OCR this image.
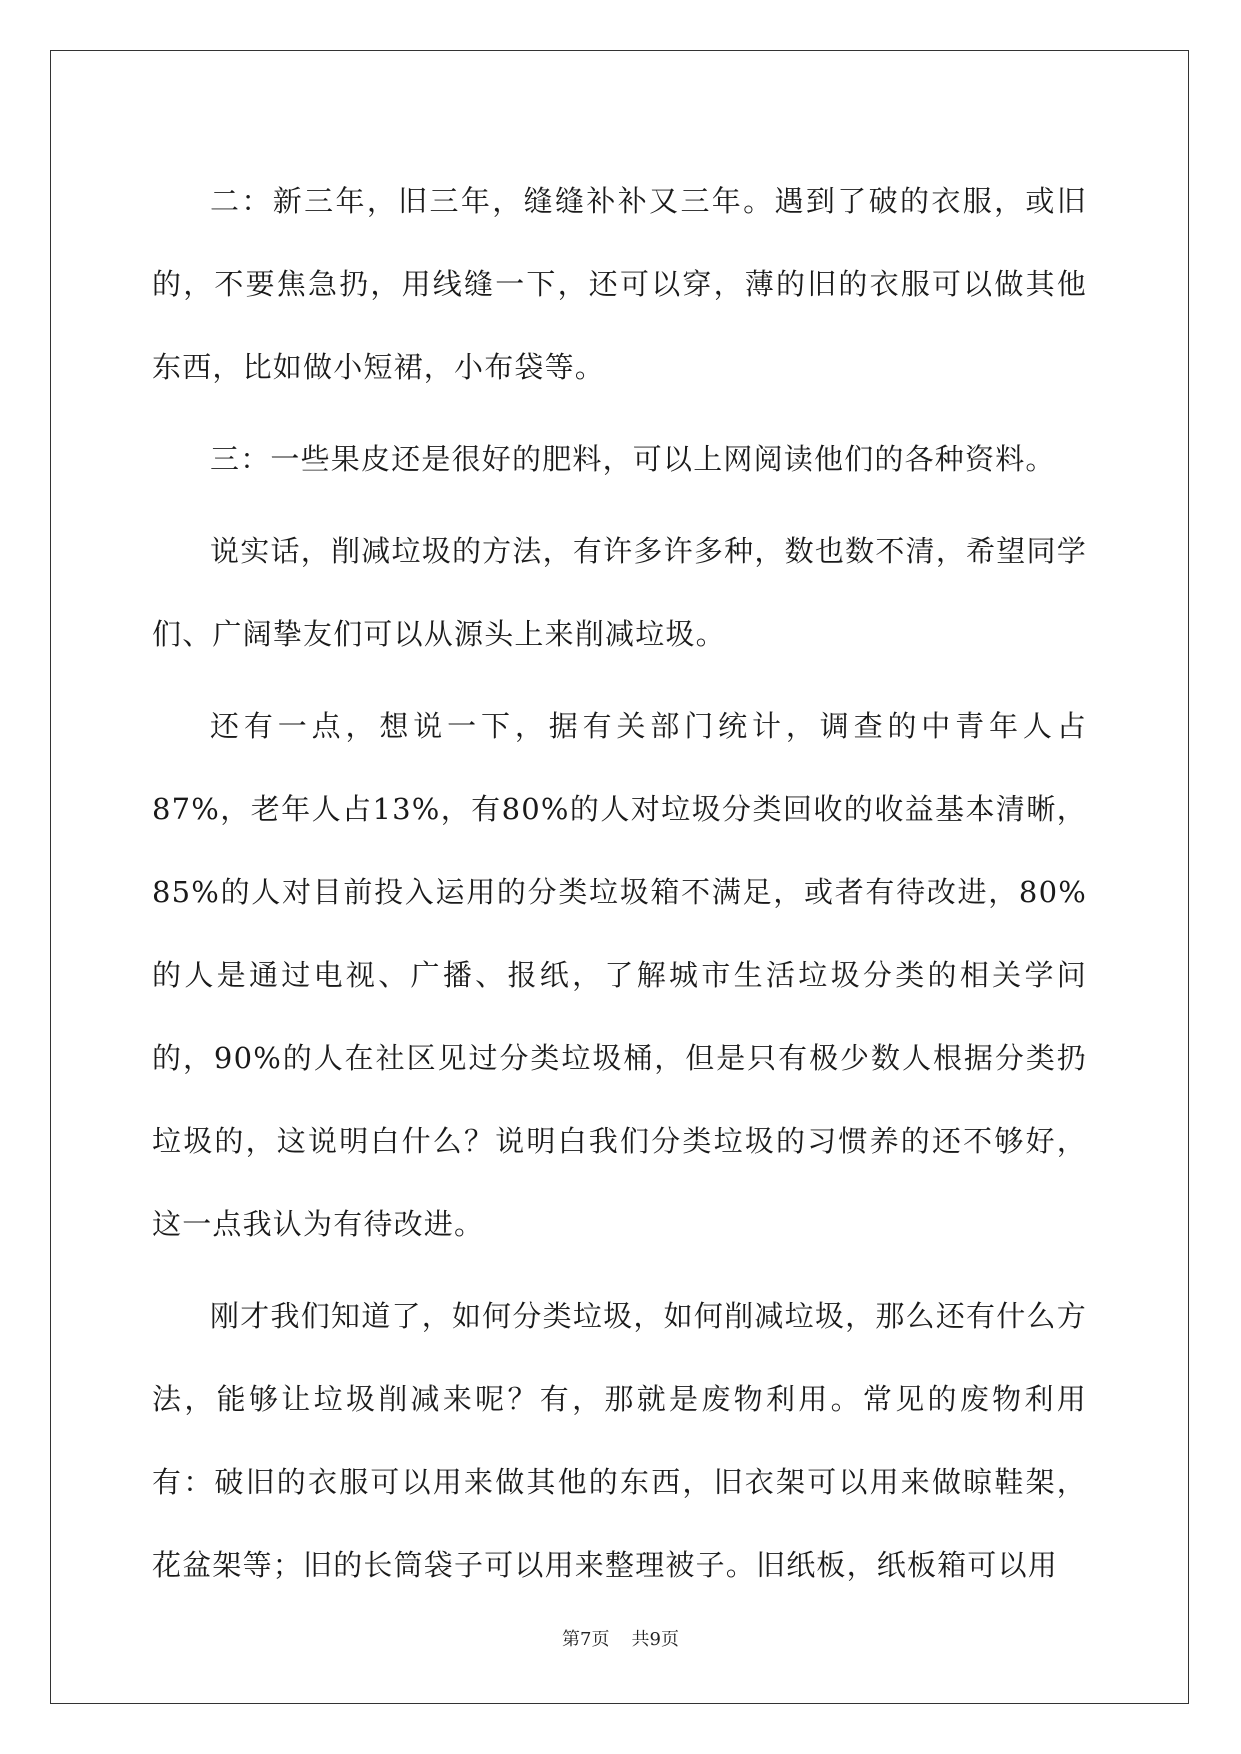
二：新三年，旧三年，缝缝补补又三年。遇到了破的衣服，或旧的，不要焦急扔，用线缝一下，还可以穿，薄的旧的衣服可以做其他东西，比如做小短裙，小布袋等。

三：一些果皮还是很好的肥料，可以上网阅读他们的各种资料。

说实话，削减垃圾的方法，有许多许多种，数也数不清，希望同学们、广阔挚友们可以从源头上来削减垃圾。

还有一点，想说一下，据有关部门统计，调查的中青年人占87%，老年人占13%，有80%的人对垃圾分类回收的收益基本清晰，85%的人对目前投入运用的分类垃圾箱不满足，或者有待改进，80%的人是通过电视、广播、报纸，了解城市生活垃圾分类的相关学问的，90%的人在社区见过分类垃圾桶，但是只有极少数人根据分类扔垃圾的，这说明白什么？说明白我们分类垃圾的习惯养的还不够好，这一点我认为有待改进。

刚才我们知道了，如何分类垃圾，如何削减垃圾，那么还有什么方法，能够让垃圾削减来呢？有，那就是废物利用。常见的废物利用有：破旧的衣服可以用来做其他的东西，旧衣架可以用来做晾鞋架，花盆架等；旧的长筒袋子可以用来整理被子。旧纸板，纸板箱可以用

第7页 共9页
